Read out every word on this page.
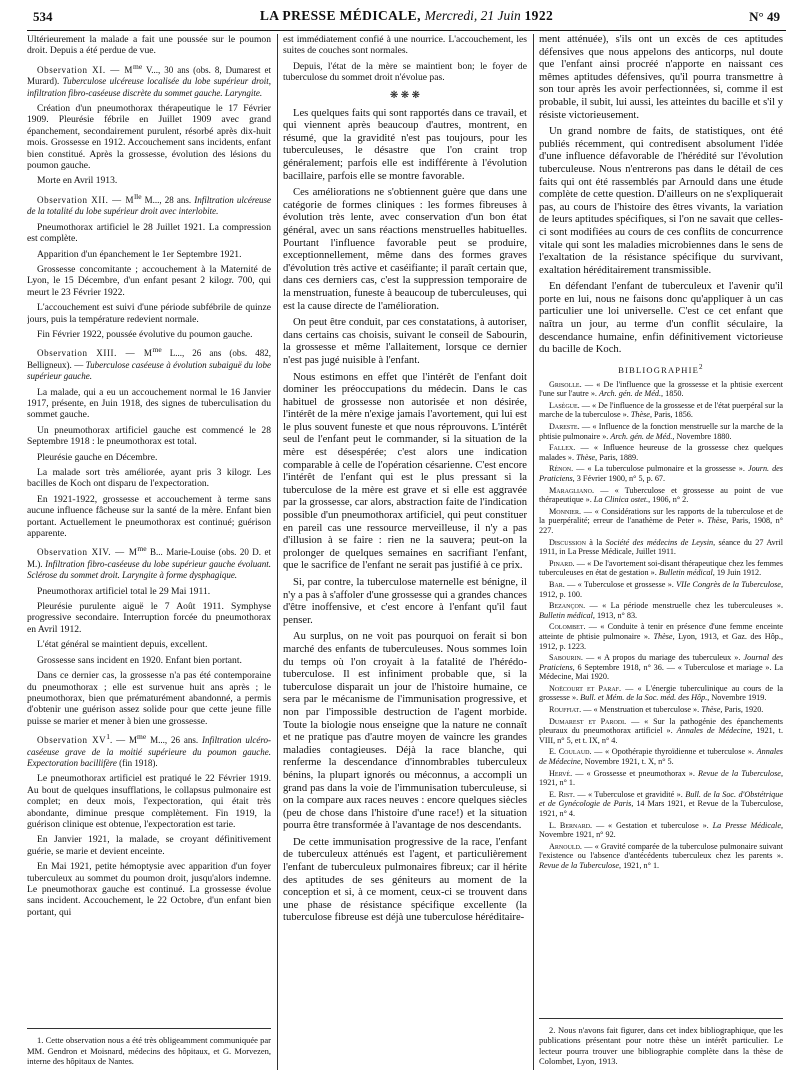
534	LA PRESSE MÉDICALE, Mercredi, 21 Juin 1922	N° 49

Ultérieurement la malade a fait une poussée sur le poumon droit. Depuis a été perdue de vue.

Observation XI. — $M^{me}$ V..., 30 ans (obs. 8, Dumarest et Murard). Tuberculose ulcéreuse localisée du lobe supérieur droit, infiltration fibro-caséeuse discrète du sommet gauche. Laryngite.

Création d'un pneumothorax thérapeutique le 17 Février 1909. Pleurésie fébrile en Juillet 1909 avec grand épanchement, secondairement purulent, résorbé après dix-huit mois. Grossesse en 1912. Accouchement sans incidents, enfant bien constitué. Après la grossesse, évolution des lésions du poumon gauche.

Morte en Avril 1913.

Observation XII. — $M^{lle}$ M..., 28 ans. Infiltration ulcéreuse de la totalité du lobe supérieur droit avec interlobite.

Pneumothorax artificiel le 28 Juillet 1921. La compression est complète.

Apparition d'un épanchement le 1er Septembre 1921.

Grossesse concomitante ; accouchement à la Maternité de Lyon, le 15 Décembre, d'un enfant pesant 2 kilogr. 700, qui meurt le 23 Février 1922.

L'accouchement est suivi d'une période subfébrile de quinze jours, puis la température redevient normale.

Fin Février 1922, poussée évolutive du poumon gauche.

Observation XIII. — $M^{me}$ L..., 26 ans (obs. 482, Belligneux). — Tuberculose caséeuse à évolution subaiguë du lobe supérieur gauche.

La malade, qui a eu un accouchement normal le 16 Janvier 1917, présente, en Juin 1918, des signes de tuberculisation du sommet gauche.

Un pneumothorax artificiel gauche est commencé le 28 Septembre 1918 : le pneumothorax est total.

Pleurésie gauche en Décembre.

La malade sort très améliorée, ayant pris 3 kilogr. Les bacilles de Koch ont disparu de l'expectoration.

En 1921-1922, grossesse et accouchement à terme sans aucune influence fâcheuse sur la santé de la mère. Enfant bien portant. Actuellement le pneumothorax est continué; guérison apparente.

Observation XIV. — $M^{me}$ B... Marie-Louise (obs. 20 D. et M.). Infiltration fibro-caséeuse du lobe supérieur gauche évoluant. Sclérose du sommet droit. Laryngite à forme dysphagique.

Pneumothorax artificiel total le 29 Mai 1911.

Pleurésie purulente aiguë le 7 Août 1911. Symphyse progressive secondaire. Interruption forcée du pneumothorax en Avril 1912.

L'état général se maintient depuis, excellent.

Grossesse sans incident en 1920. Enfant bien portant.

Dans ce dernier cas, la grossesse n'a pas été contemporaine du pneumothorax ; elle est survenue huit ans après ; le pneumothorax, bien que prématurément abandonné, a permis d'obtenir une guérison assez solide pour que cette jeune fille puisse se marier et mener à bien une grossesse.

Observation $XV^1$. — $M^{me}$ M..., 26 ans. Infiltration ulcéro-caséeuse grave de la moitié supérieure du poumon gauche. Expectoration bacillifère (fin 1918).

Le pneumothorax artificiel est pratiqué le 22 Février 1919. Au bout de quelques insufflations, le collapsus pulmonaire est complet; en deux mois, l'expectoration, qui était très abondante, diminue presque complètement. Fin 1919, la guérison clinique est obtenue, l'expectoration est tarie.

En Janvier 1921, la malade, se croyant définitivement guérie, se marie et devient enceinte.

En Mai 1921, petite hémoptysie avec apparition d'un foyer tuberculeux au sommet du poumon droit, jusqu'alors indemne. Le pneumothorax gauche est continué. La grossesse évolue sans incident. Accouchement, le 22 Octobre, d'un enfant bien portant, qui

1. Cette observation nous a été très obligeamment communiquée par MM. Gendron et Moisnard, médecins des hôpitaux, et G. Morvezen, interne des hôpitaux de Nantes.

est immédiatement confié à une nourrice. L'accouchement, les suites de couches sont normales.

Depuis, l'état de la mère se maintient bon; le foyer de tuberculose du sommet droit n'évolue pas.

❋ ❋ ❋

Les quelques faits qui sont rapportés dans ce travail, et qui viennent après beaucoup d'autres, montrent, en résumé, que la gravidité n'est pas toujours, pour les tuberculeuses, le désastre que l'on craint trop généralement; parfois elle est indifférente à l'évolution bacillaire, parfois elle se montre favorable.

Ces améliorations ne s'obtiennent guère que dans une catégorie de formes cliniques : les formes fibreuses à évolution très lente, avec conservation d'un bon état général, avec un sans réactions menstruelles habituelles. Pourtant l'influence favorable peut se produire, exceptionnellement, même dans des formes graves d'évolution très active et caséifiante; il paraît certain que, dans ces derniers cas, c'est la suppression temporaire de la menstruation, funeste à beaucoup de tuberculeuses, qui est la cause directe de l'amélioration.

On peut être conduit, par ces constatations, à autoriser, dans certains cas choisis, suivant le conseil de Sabourin, la grossesse et même l'allaitement, lorsque ce dernier n'est pas jugé nuisible à l'enfant.

Nous estimons en effet que l'intérêt de l'enfant doit dominer les préoccupations du médecin. Dans le cas habituel de grossesse non autorisée et non désirée, l'intérêt de la mère n'exige jamais l'avortement, qui lui est le plus souvent funeste et que nous réprouvons. L'intérêt seul de l'enfant peut le commander, si la situation de la mère est désespérée; c'est alors une indication comparable à celle de l'opération césarienne. C'est encore l'intérêt de l'enfant qui est le plus pressant si la tuberculose de la mère est grave et si elle est aggravée par la grossesse, car alors, abstraction faite de l'indication possible d'un pneumothorax artificiel, qui peut constituer en pareil cas une ressource merveilleuse, il n'y a pas d'illusion à se faire : rien ne la sauvera; peut-on la prolonger de quelques semaines en sacrifiant l'enfant, que le sacrifice de l'enfant ne serait pas justifié à ce prix.

Si, par contre, la tuberculose maternelle est bénigne, il n'y a pas à s'affoler d'une grossesse qui a grandes chances d'être inoffensive, et c'est encore à l'enfant qu'il faut penser.

Au surplus, on ne voit pas pourquoi on ferait si bon marché des enfants de tuberculeuses. Nous sommes loin du temps où l'on croyait à la fatalité de l'hérédo-tuberculose. Il est infiniment probable que, si la tuberculose disparait un jour de l'histoire humaine, ce sera par le mécanisme de l'immunisation progressive, et non par l'impossible destruction de l'agent morbide. Toute la biologie nous enseigne que la nature ne connaît et ne pratique pas d'autre moyen de vaincre les grandes maladies contagieuses. Déjà la race blanche, qui renferme la descendance d'innombrables tuberculeux bénins, la plupart ignorés ou méconnus, a accompli un grand pas dans la voie de l'immunisation tuberculeuse, si on la compare aux races neuves : encore quelques siècles (peu de chose dans l'histoire d'une race!) et la situation pourra être transformée à l'avantage de nos descendants.

De cette immunisation progressive de la race, l'enfant de tuberculeux atténués est l'agent, et particulièrement l'enfant de tuberculeux pulmonaires fibreux; car il hérite des aptitudes de ses géniteurs au moment de la conception et si, à ce moment, ceux-ci se trouvent dans une phase de résistance spécifique excellente (la tuberculose fibreuse est déjà une tuberculose héréditaire-

ment atténuée), s'ils ont un excès de ces aptitudes défensives que nous appelons des anticorps, nul doute que l'enfant ainsi procréé n'apporte en naissant ces mêmes aptitudes défensives, qu'il pourra transmettre à son tour après les avoir perfectionnées, si, comme il est probable, il subit, lui aussi, les atteintes du bacille et s'il y résiste victorieusement.

Un grand nombre de faits, de statistiques, ont été publiés récemment, qui contredisent absolument l'idée d'une influence défavorable de l'hérédité sur l'évolution tuberculeuse. Nous n'entrerons pas dans le détail de ces faits qui ont été rassemblés par Arnould dans une étude complète de cette question. D'ailleurs on ne s'expliquerait pas, au cours de l'histoire des êtres vivants, la variation de leurs aptitudes spécifiques, si l'on ne savait que celles-ci sont modifiées au cours de ces conflits de concurrence vitale qui sont les maladies microbiennes dans le sens de l'exaltation de la résistance spécifique du survivant, exaltation héréditairement transmissible.

En défendant l'enfant de tuberculeux et l'avenir qu'il porte en lui, nous ne faisons donc qu'appliquer à un cas particulier une loi universelle. C'est ce cet enfant que naîtra un jour, au terme d'un conflit séculaire, la descendance humaine, enfin définitivement victorieuse du bacille de Koch.

BIBLIOGRAPHIE$^2$

Grisolle. — « De l'influence que la grossesse et la phtisie exercent l'une sur l'autre ». Arch. gén. de Méd., 1850.

Lasègue. — « De l'influence de la grossesse et de l'état puerpéral sur la marche de la tuberculose ». Thèse, Paris, 1856.

Dareste. — « Influence de la fonction menstruelle sur la marche de la phtisie pulmonaire ». Arch. gén. de Méd., Novembre 1880.

Fallex. — « Influence heureuse de la grossesse chez quelques malades ». Thèse, Paris, 1889.

Rénon. — « La tuberculose pulmonaire et la grossesse ». Journ. des Praticiens, 3 Février 1900, n° 5, p. 67.

Maragliano. — « Tuberculose et grossesse au point de vue thérapeutique ». La Clinica ostet., 1906, n° 2.

Monnier. — « Considérations sur les rapports de la tuberculose et de la puerpéralité; erreur de l'anathème de Peter ». Thèse, Paris, 1908, n° 227.

Discussion à la Société des médecins de Leysin, séance du 27 Avril 1911, in La Presse Médicale, Juillet 1911.

Pinard. — « De l'avortement soi-disant thérapeutique chez les femmes tuberculeuses en état de gestation ». Bulletin médical, 19 Juin 1912.

Bar. — « Tuberculose et grossesse ». VIIe Congrès de la Tuberculose, 1912, p. 100.

Bezançon. — « La période menstruelle chez les tuberculeuses ». Bulletin médical, 1913, n° 83.

Colombet. — « Conduite à tenir en présence d'une femme enceinte atteinte de phtisie pulmonaire ». Thèse, Lyon, 1913, et Gaz. des Hôp., 1912, p. 1223.

Sabourin. — « A propos du mariage des tuberculeux ». Journal des Praticiens, 6 Septembre 1918, n° 36. — « Tuberculose et mariage ». La Médecine, Mai 1920.

Noëcourt et Paraf. — « L'énergie tuberculinique au cours de la grossesse ». Bull. et Mém. de la Soc. méd. des Hôp., Novembre 1919.

Rouffiat. — « Menstruation et tuberculose ». Thèse, Paris, 1920.

Dumarest et Parodi. — « Sur la pathogénie des épanchements pleuraux du pneumothorax artificiel ». Annales de Médecine, 1921, t. VIII, n° 5, et t. IX, n° 4.

E. Coulaud. — « Opothérapie thyroïdienne et tuberculose ». Annales de Médecine, Novembre 1921, t. X, n° 5.

Hervé. — « Grossesse et pneumothorax ». Revue de la Tuberculose, 1921, n° 1.

E. Rist. — « Tuberculose et gravidité ». Bull. de la Soc. d'Obstétrique et de Gynécologie de Paris, 14 Mars 1921, et Revue de la Tuberculose, 1921, n° 4.

L. Bernard. — « Gestation et tuberculose ». La Presse Médicale, Novembre 1921, n° 92.

Arnould. — « Gravité comparée de la tuberculose pulmonaire suivant l'existence ou l'absence d'antécédents tuberculeux chez les parents ». Revue de la Tuberculose, 1921, n° 1.

2. Nous n'avons fait figurer, dans cet index bibliographique, que les publications présentant pour notre thèse un intérêt particulier. Le lecteur pourra trouver une bibliographie complète dans la thèse de Colombet, Lyon, 1913.
